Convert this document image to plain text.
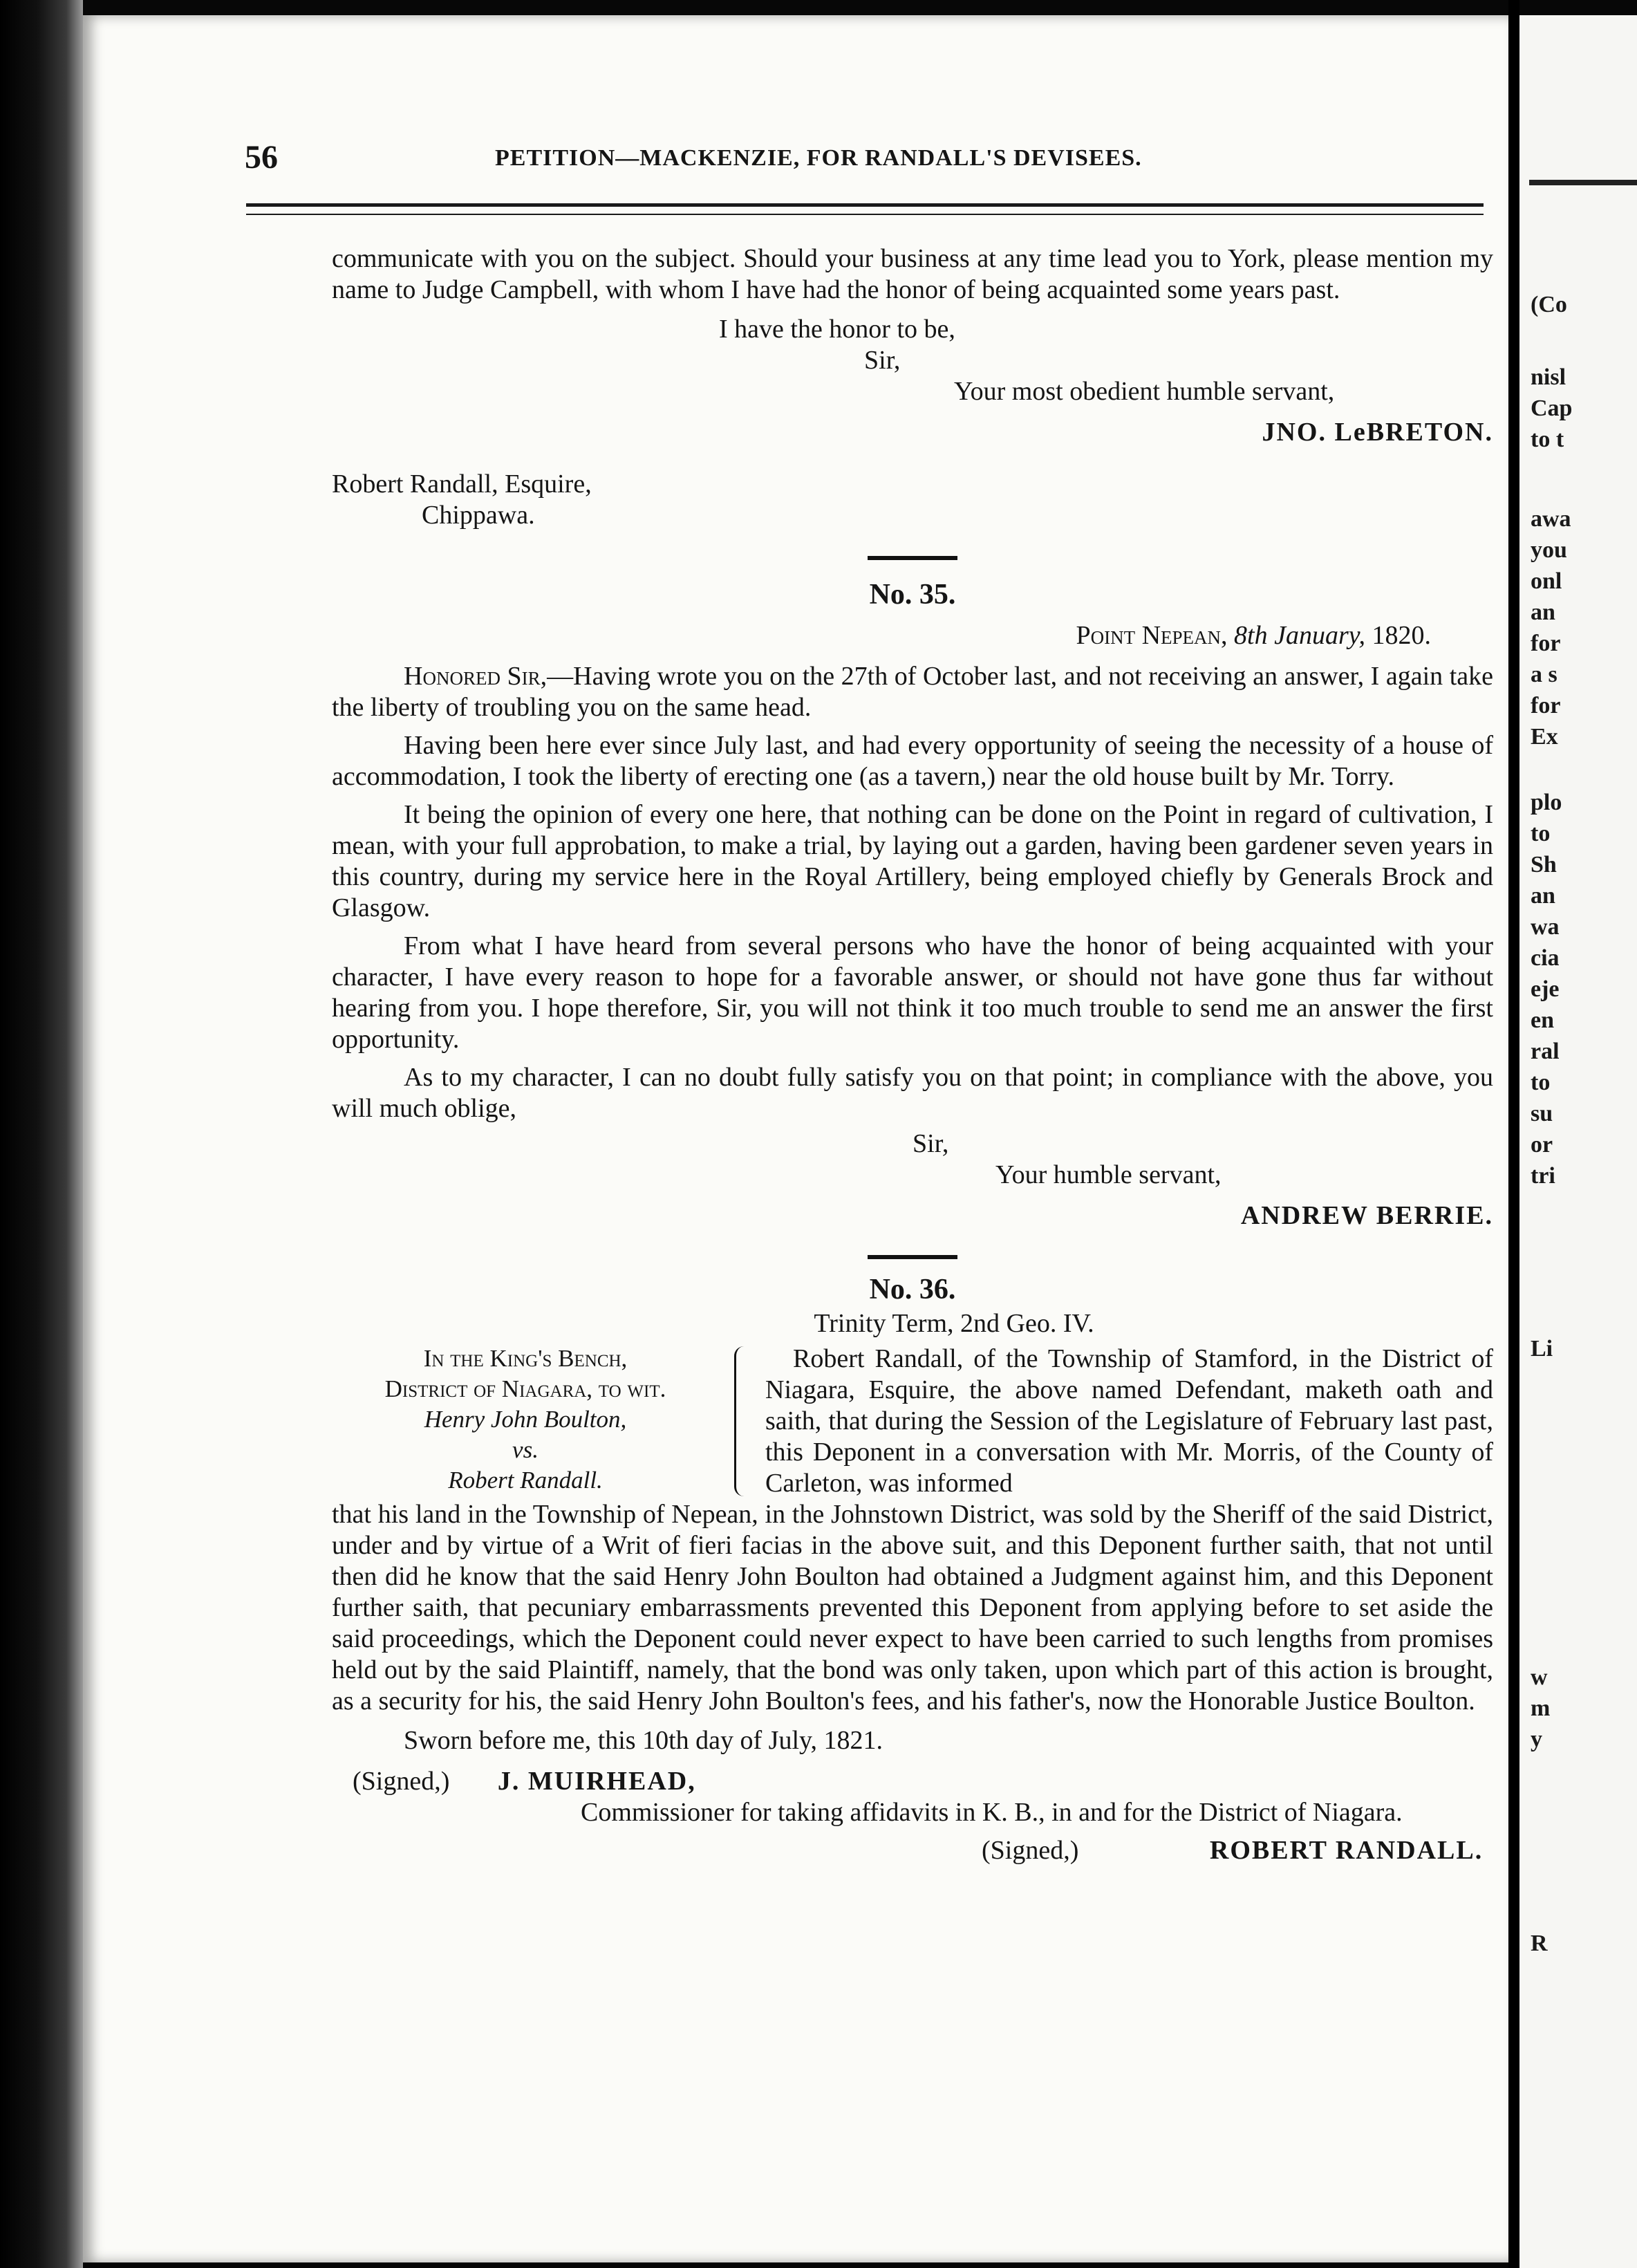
(Co
nisl
Cap
to t
awa
you
onl
an
for
a s
for
Ex
plo
to
Sh
an
wa
cia
eje
en
ral
to
su
or
tri
Li
w
m
y
R
56	PETITION—MACKENZIE, FOR RANDALL'S DEVISEES.

communicate with you on the subject. Should your business at any time lead you to York, please mention my name to Judge Campbell, with whom I have had the honor of being acquainted some years past.

I have the honor to be,

Sir,

Your most obedient humble servant,

JNO. LeBRETON.

Robert Randall, Esquire,

Chippawa.

No. 35.

Point Nepean, 8th January, 1820.

Honored Sir,—Having wrote you on the 27th of October last, and not receiving an answer, I again take the liberty of troubling you on the same head.

Having been here ever since July last, and had every opportunity of seeing the necessity of a house of accommodation, I took the liberty of erecting one (as a tavern,) near the old house built by Mr. Torry.

It being the opinion of every one here, that nothing can be done on the Point in regard of cultivation, I mean, with your full approbation, to make a trial, by laying out a garden, having been gardener seven years in this country, during my service here in the Royal Artillery, being employed chiefly by Generals Brock and Glasgow.

From what I have heard from several persons who have the honor of being acquainted with your character, I have every reason to hope for a favorable answer, or should not have gone thus far without hearing from you. I hope therefore, Sir, you will not think it too much trouble to send me an answer the first opportunity.

As to my character, I can no doubt fully satisfy you on that point; in compliance with the above, you will much oblige,

Sir,

Your humble servant,

ANDREW BERRIE.

No. 36.

Trinity Term, 2nd Geo. IV.

In the King's Bench,
District of Niagara, to wit.
Henry John Boulton,
vs.
Robert Randall.

Robert Randall, of the Township of Stamford, in the District of Niagara, Esquire, the above named Defendant, maketh oath and saith, that during the Session of the Legislature of February last past, this Deponent in a conversation with Mr. Morris, of the County of Carleton, was informed

that his land in the Township of Nepean, in the Johnstown District, was sold by the Sheriff of the said District, under and by virtue of a Writ of fieri facias in the above suit, and this Deponent further saith, that not until then did he know that the said Henry John Boulton had obtained a Judgment against him, and this Deponent further saith, that pecuniary embarrassments prevented this Deponent from applying before to set aside the said proceedings, which the Deponent could never expect to have been carried to such lengths from promises held out by the said Plaintiff, namely, that the bond was only taken, upon which part of this action is brought, as a security for his, the said Henry John Boulton's fees, and his father's, now the Honorable Justice Boulton.

Sworn before me, this 10th day of July, 1821.

(Signed,) J. MUIRHEAD,

Commissioner for taking affidavits in K. B., in and for the District of Niagara.

(Signed,)	ROBERT RANDALL.
